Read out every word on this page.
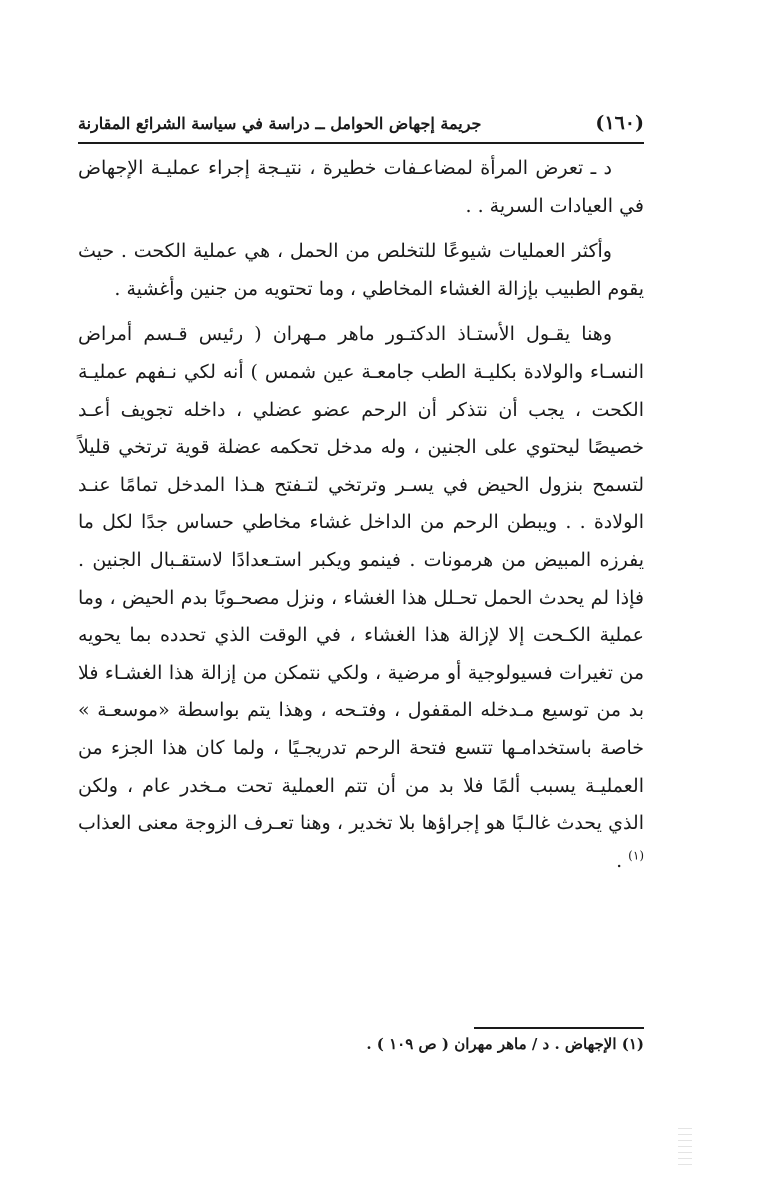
(١٦٠)
جريمة إجهاض الحوامل ــ دراسة في سياسة الشرائع المقارنة

د ـ تعرض المرأة لمضاعـفات خطيرة ، نتيـجة إجراء عمليـة الإجهاض في العيادات السرية . .

وأكثر العمليات شيوعًا للتخلص من الحمل ، هي عملية الكحت . حيث يقوم الطبيب بإزالة الغشاء المخاطي ، وما تحتويه من جنين وأغشية .

وهنا يقـول الأستـاذ الدكتـور ماهر مـهران ( رئيس قـسم أمراض النسـاء والولادة بكليـة الطب جامعـة عين شمس ) أنه لكي نـفهم عمليـة الكحت ، يجب أن نتذكر أن الرحم عضو عضلي ، داخله تجويف أعـد خصيصًا ليحتوي على الجنين ، وله مدخل تحكمه عضلة قوية ترتخي قليلاً لتسمح بنزول الحيض في يسـر وترتخي لتـفتح هـذا المدخل تمامًا عنـد الولادة . . ويبطن الرحم من الداخل غشاء مخاطي حساس جدًا لكل ما يفرزه المبيض من هرمونات . فينمو ويكبر استـعدادًا لاستقـبال الجنين . فإذا لم يحدث الحمل تحـلل هذا الغشاء ، ونزل مصحـوبًا بدم الحيض ، وما عملية الكـحت إلا لإزالة هذا الغشاء ، في الوقت الذي تحدده بما يحويه من تغيرات فسيولوجية أو مرضية ، ولكي نتمكن من إزالة هذا الغشـاء فلا بد من توسيع مـدخله المقفول ، وفتـحه ، وهذا يتم بواسطة «موسعـة » خاصة باستخدامـها تتسع فتحة الرحم تدريجـيًا ، ولما كان هذا الجزء من العمليـة يسبب ألمًا فلا بد من أن تتم العملية تحت مـخدر عام ، ولكن الذي يحدث غالـبًا هو إجراؤها بلا تخدير ، وهنا تعـرف الزوجة معنى العذاب $^{(١)}$ .

(١) الإجهاض . د / ماهر مهران ( ص ١٠٩ ) .
